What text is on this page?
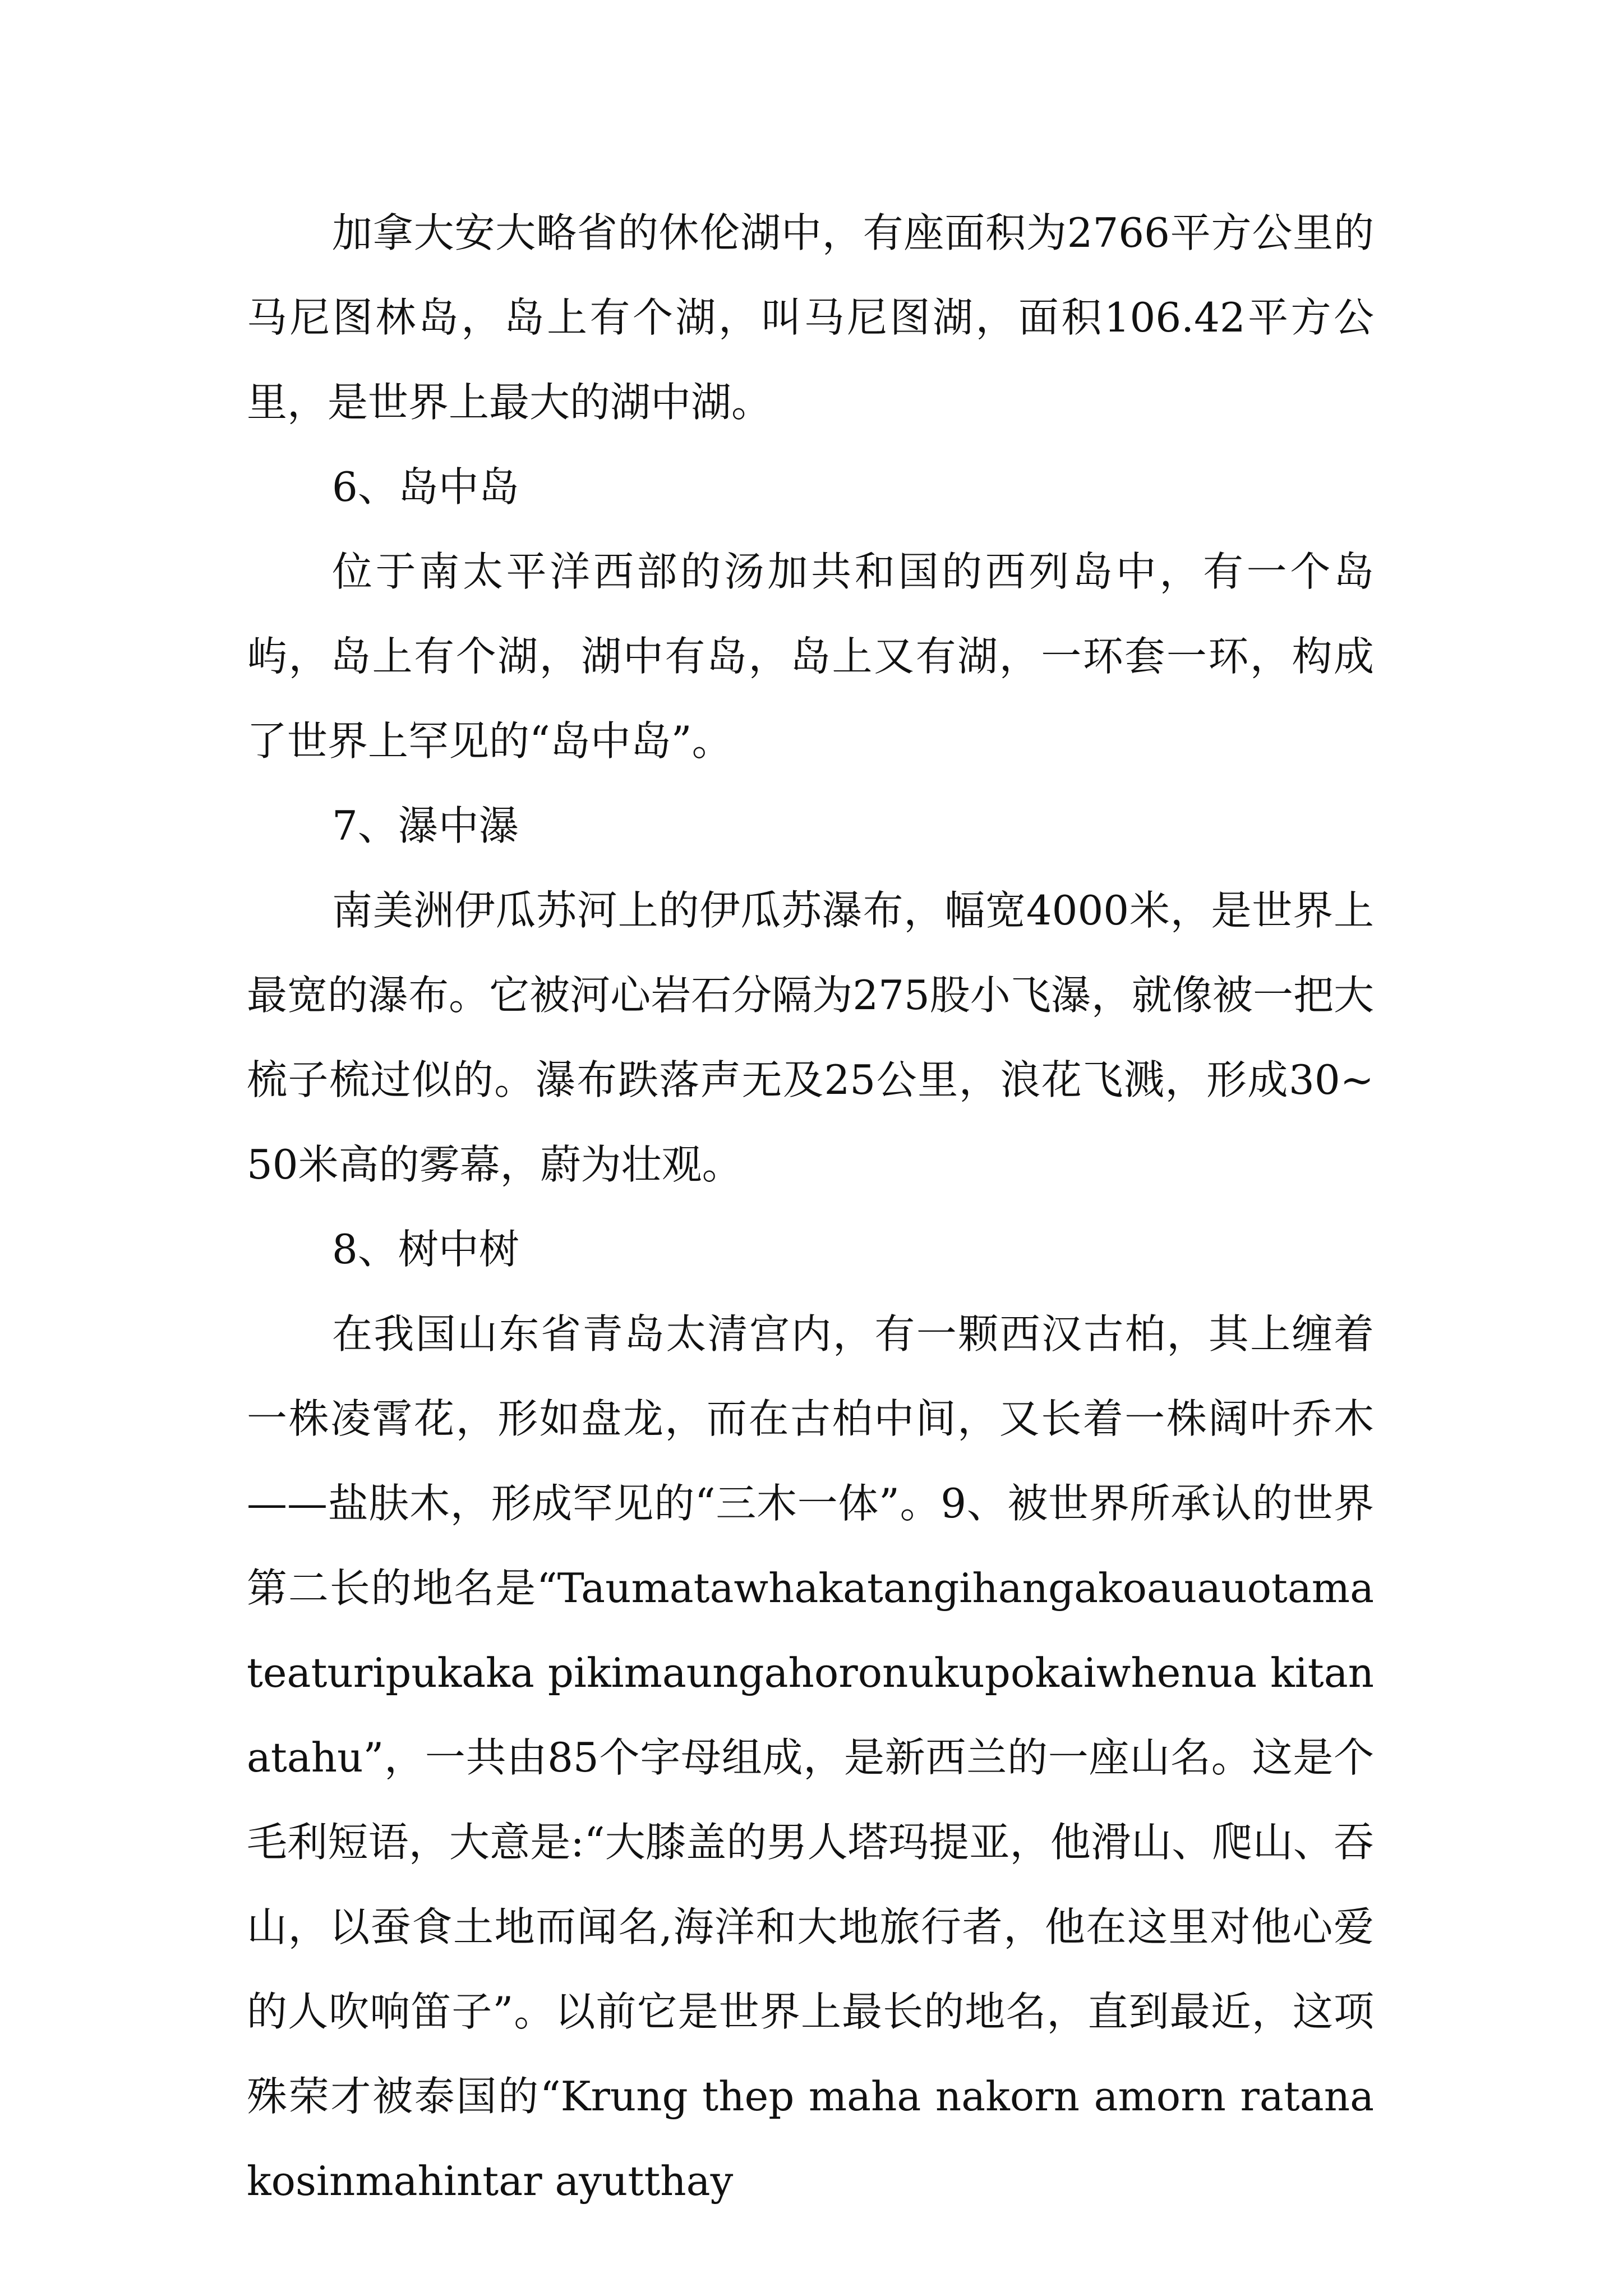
加拿大安大略省的休伦湖中，有座面积为2766平方公里的马尼图林岛，岛上有个湖，叫马尼图湖，面积106.42平方公里，是世界上最大的湖中湖。

6、岛中岛

位于南太平洋西部的汤加共和国的西列岛中，有一个岛屿，岛上有个湖，湖中有岛，岛上又有湖，一环套一环，构成了世界上罕见的“岛中岛”。

7、瀑中瀑

南美洲伊瓜苏河上的伊瓜苏瀑布，幅宽4000米，是世界上最宽的瀑布。它被河心岩石分隔为275股小飞瀑，就像被一把大梳子梳过似的。瀑布跌落声无及25公里，浪花飞溅，形成30~50米高的雾幕，蔚为壮观。

8、树中树

在我国山东省青岛太清宫内，有一颗西汉古柏，其上缠着一株凌霄花，形如盘龙，而在古柏中间，又长着一株阔叶乔木——盐肤木，形成罕见的“三木一体”。9、被世界所承认的世界第二长的地名是“Taumatawhakatangihangakoauauotamateaturipukaka pikimaungahoronukupokaiwhenua kitanatahu”，一共由85个字母组成，是新西兰的一座山名。这是个毛利短语，大意是:“大膝盖的男人塔玛提亚，他滑山、爬山、吞山，以蚕食土地而闻名,海洋和大地旅行者，他在这里对他心爱的人吹响笛子”。以前它是世界上最长的地名，直到最近，这项殊荣才被泰国的“Krung thep maha nakorn amorn ratana kosinmahintar ayutthay
